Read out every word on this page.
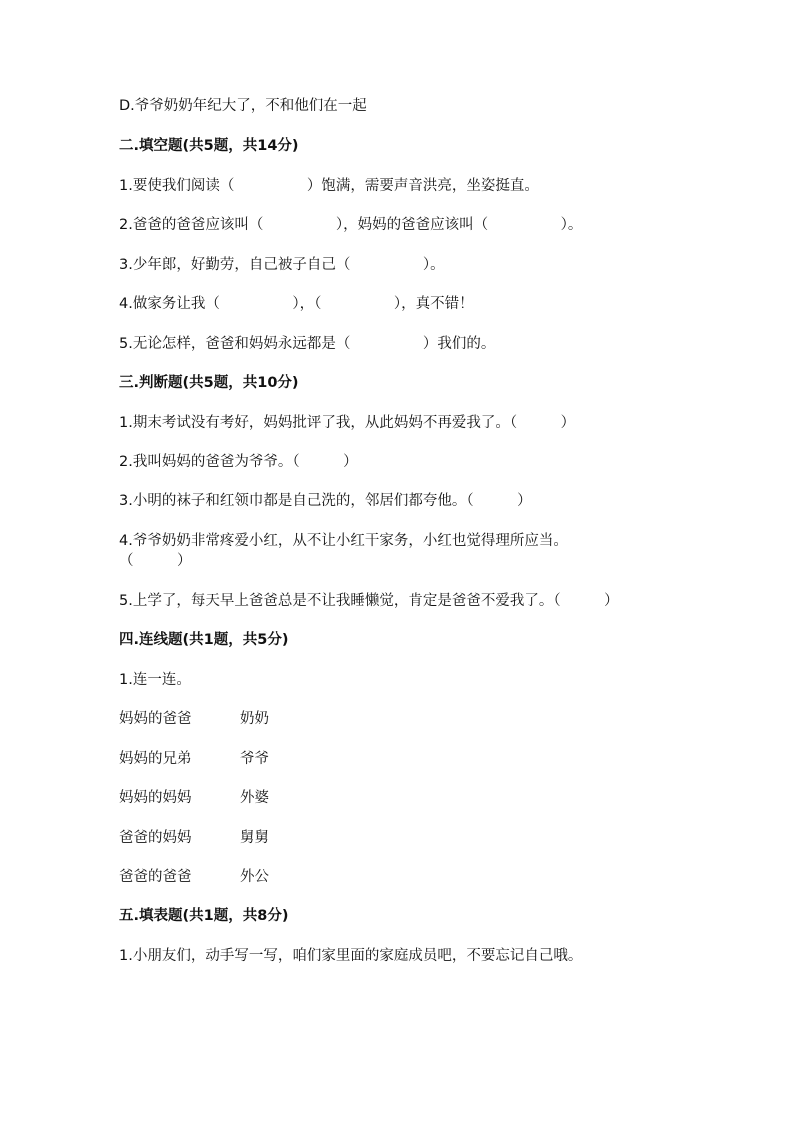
D.爷爷奶奶年纪大了，不和他们在一起
二.填空题(共5题，共14分)
1.要使我们阅读（　　　　　）饱满，需要声音洪亮，坐姿挺直。
2.爸爸的爸爸应该叫（　　　　　），妈妈的爸爸应该叫（　　　　　）。
3.少年郎，好勤劳，自己被子自己（　　　　　）。
4.做家务让我（　　　　　），（　　　　　），真不错！
5.无论怎样，爸爸和妈妈永远都是（　　　　　）我们的。
三.判断题(共5题，共10分)
1.期末考试没有考好，妈妈批评了我，从此妈妈不再爱我了。（　　　）
2.我叫妈妈的爸爸为爷爷。（　　　）
3.小明的袜子和红领巾都是自己洗的，邻居们都夸他。（　　　）
4.爷爷奶奶非常疼爱小红，从不让小红干家务，小红也觉得理所应当。
（　　　）
5.上学了，每天早上爸爸总是不让我睡懒觉，肯定是爸爸不爱我了。（　　　）
四.连线题(共1题，共5分)
1.连一连。
妈妈的爸爸	奶奶
妈妈的兄弟	爷爷
妈妈的妈妈	外婆
爸爸的妈妈	舅舅
爸爸的爸爸	外公
五.填表题(共1题，共8分)
1.小朋友们，动手写一写，咱们家里面的家庭成员吧，不要忘记自己哦。
